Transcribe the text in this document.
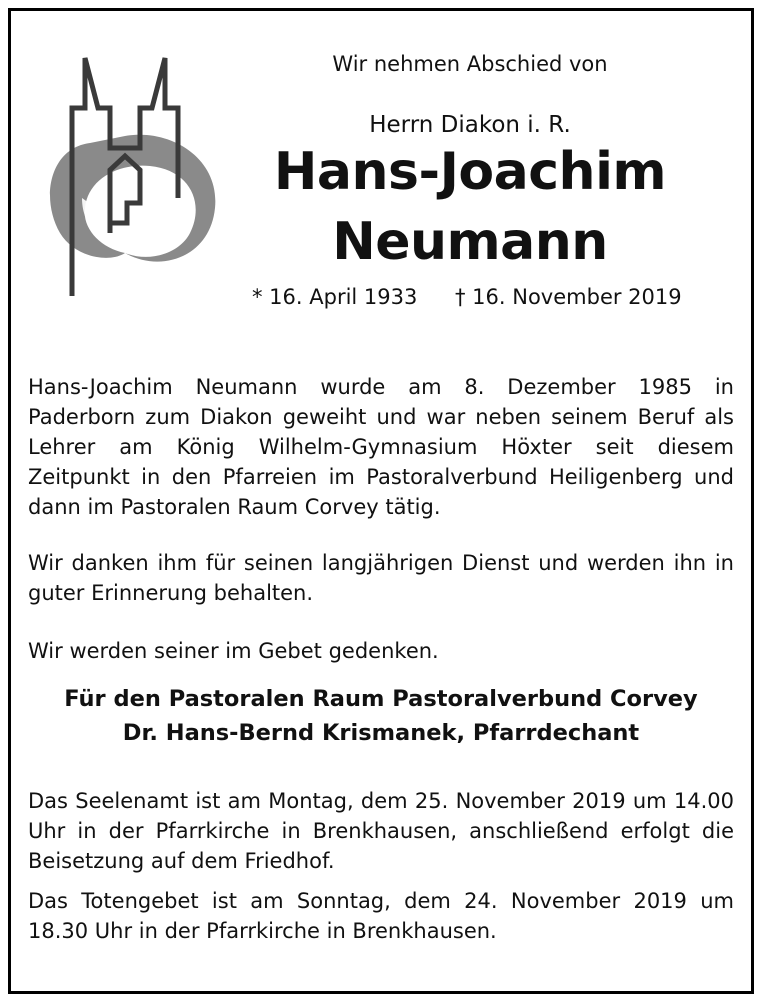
Wir nehmen Abschied von
Herrn Diakon i. R.
Hans-Joachim
Neumann
* 16. April 1933 † 16. November 2019
Hans-Joachim Neumann wurde am 8. Dezember 1985 in Paderborn zum Diakon geweiht und war neben seinem Beruf als Lehrer am König Wilhelm-Gymnasium Höxter seit diesem Zeitpunkt in den Pfarreien im Pastoralverbund Heiligenberg und dann im Pastoralen Raum Corvey tätig.
Wir danken ihm für seinen langjährigen Dienst und werden ihn in guter Erinnerung behalten.
Wir werden seiner im Gebet gedenken.
Für den Pastoralen Raum Pastoralverbund Corvey
Dr. Hans-Bernd Krismanek, Pfarrdechant
Das Seelenamt ist am Montag, dem 25. November 2019 um 14.00 Uhr in der Pfarrkirche in Brenkhausen, anschließend erfolgt die Beisetzung auf dem Friedhof.
Das Totengebet ist am Sonntag, dem 24. November 2019 um 18.30 Uhr in der Pfarrkirche in Brenkhausen.
